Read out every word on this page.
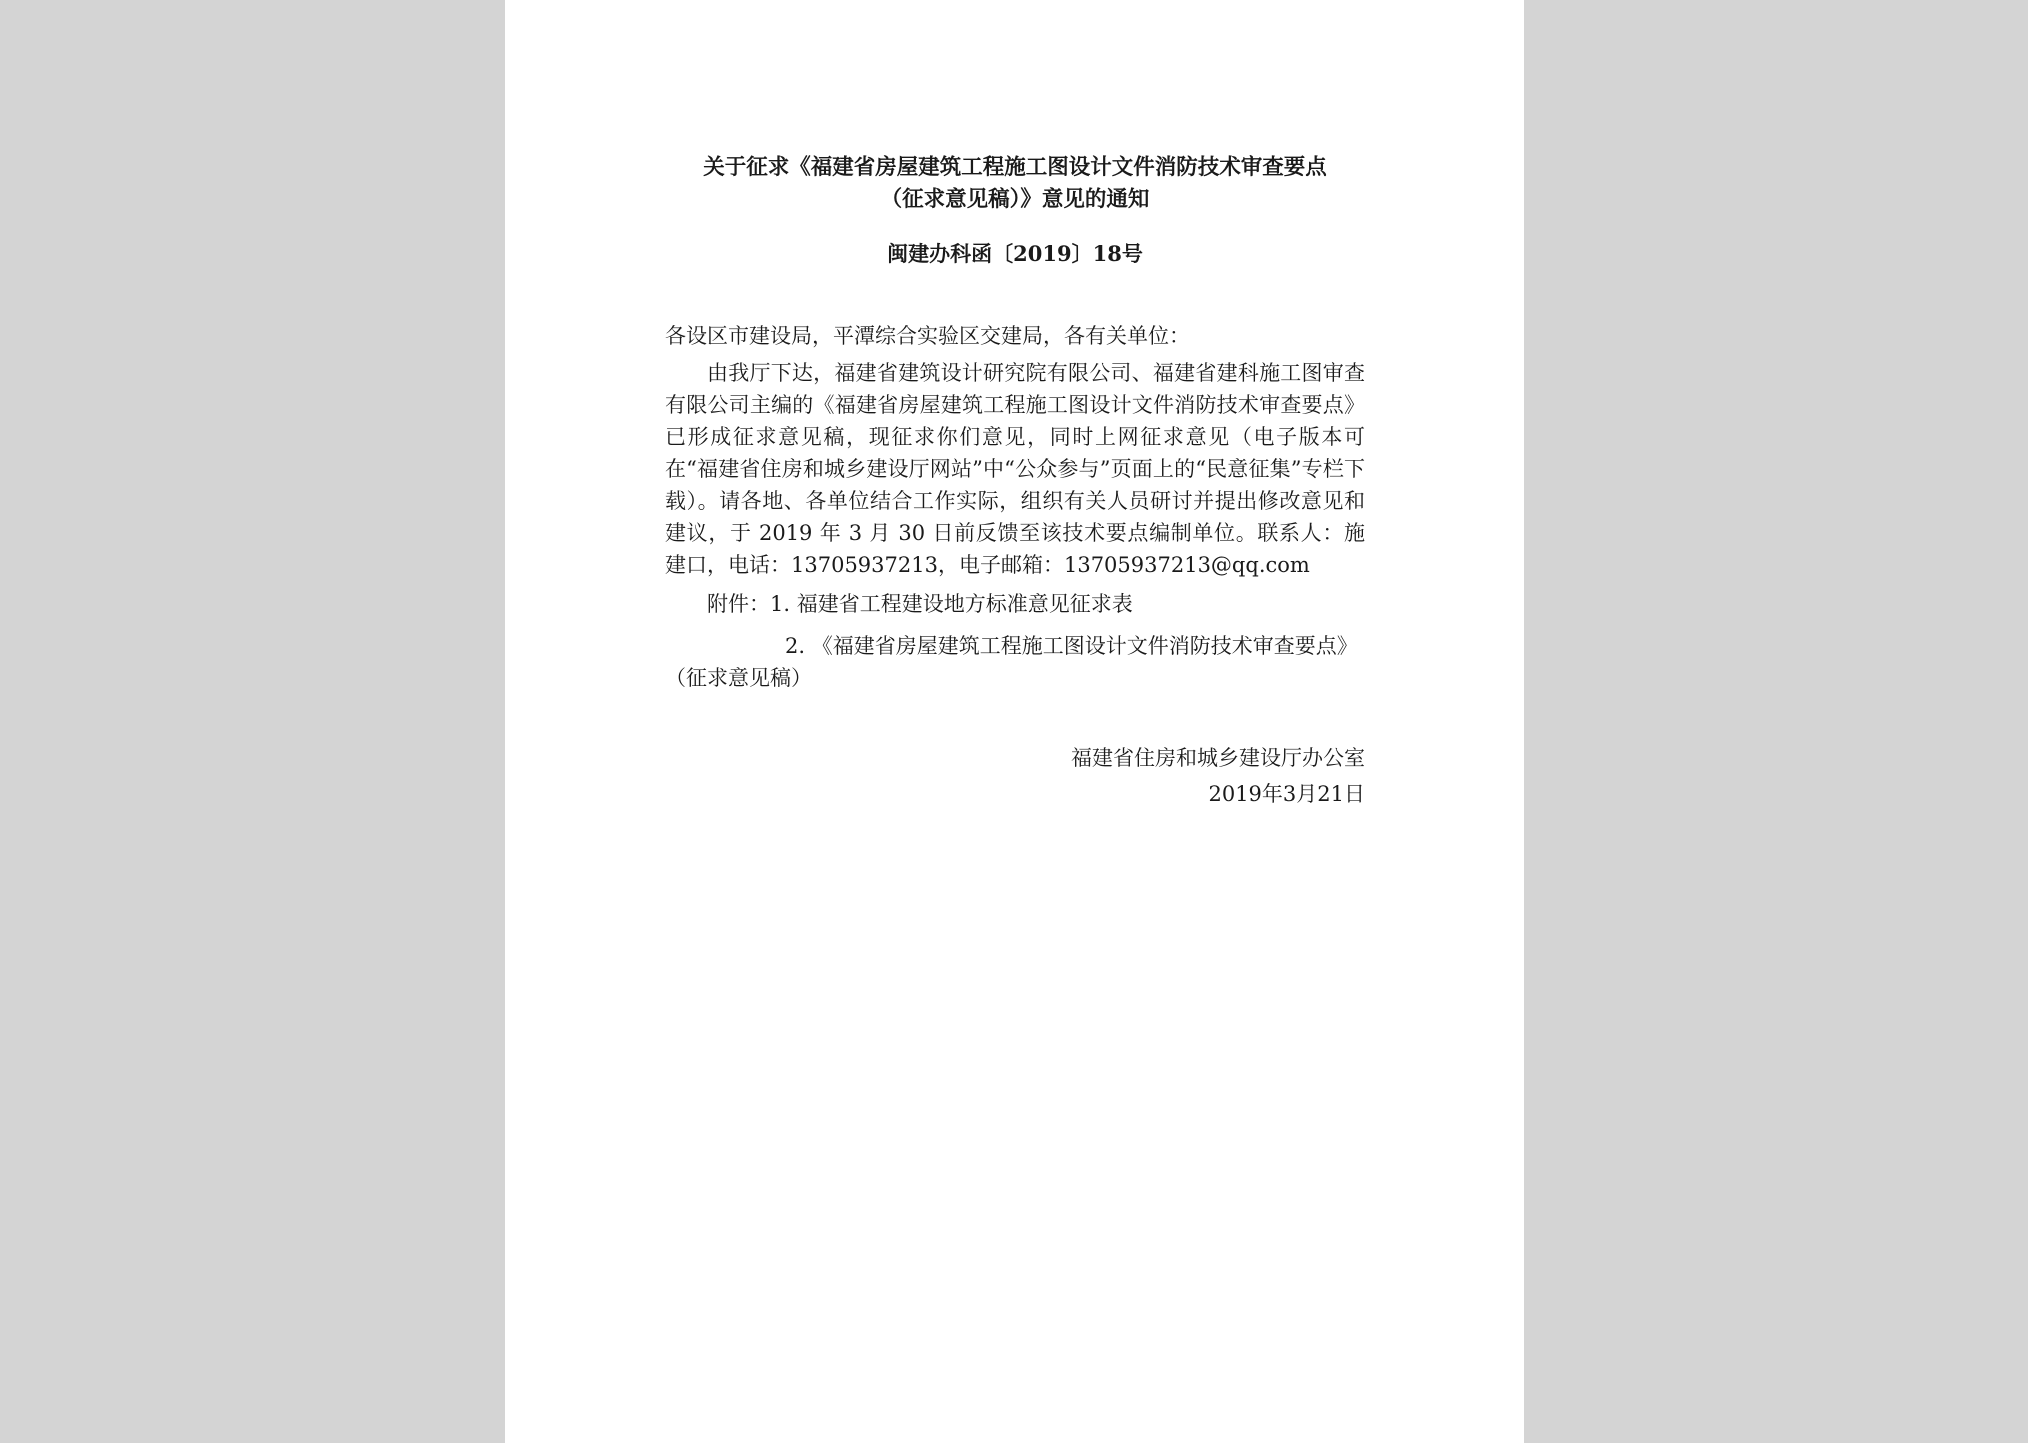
关于征求《福建省房屋建筑工程施工图设计文件消防技术审查要点

（征求意见稿）》意见的通知

闽建办科函〔2019〕18号

各设区市建设局，平潭综合实验区交建局，各有关单位：

由我厅下达，福建省建筑设计研究院有限公司、福建省建科施工图审查有限公司主编的《福建省房屋建筑工程施工图设计文件消防技术审查要点》已形成征求意见稿，现征求你们意见，同时上网征求意见（电子版本可在“福建省住房和城乡建设厅网站”中“公众参与”页面上的“民意征集”专栏下载）。请各地、各单位结合工作实际，组织有关人员研讨并提出修改意见和建议，于 2019 年 3 月 30 日前反馈至该技术要点编制单位。联系人：施建口，电话：13705937213，电子邮箱：13705937213@qq.com

附件：1. 福建省工程建设地方标准意见征求表

2. 《福建省房屋建筑工程施工图设计文件消防技术审查要点》（征求意见稿）

福建省住房和城乡建设厅办公室

2019年3月21日
